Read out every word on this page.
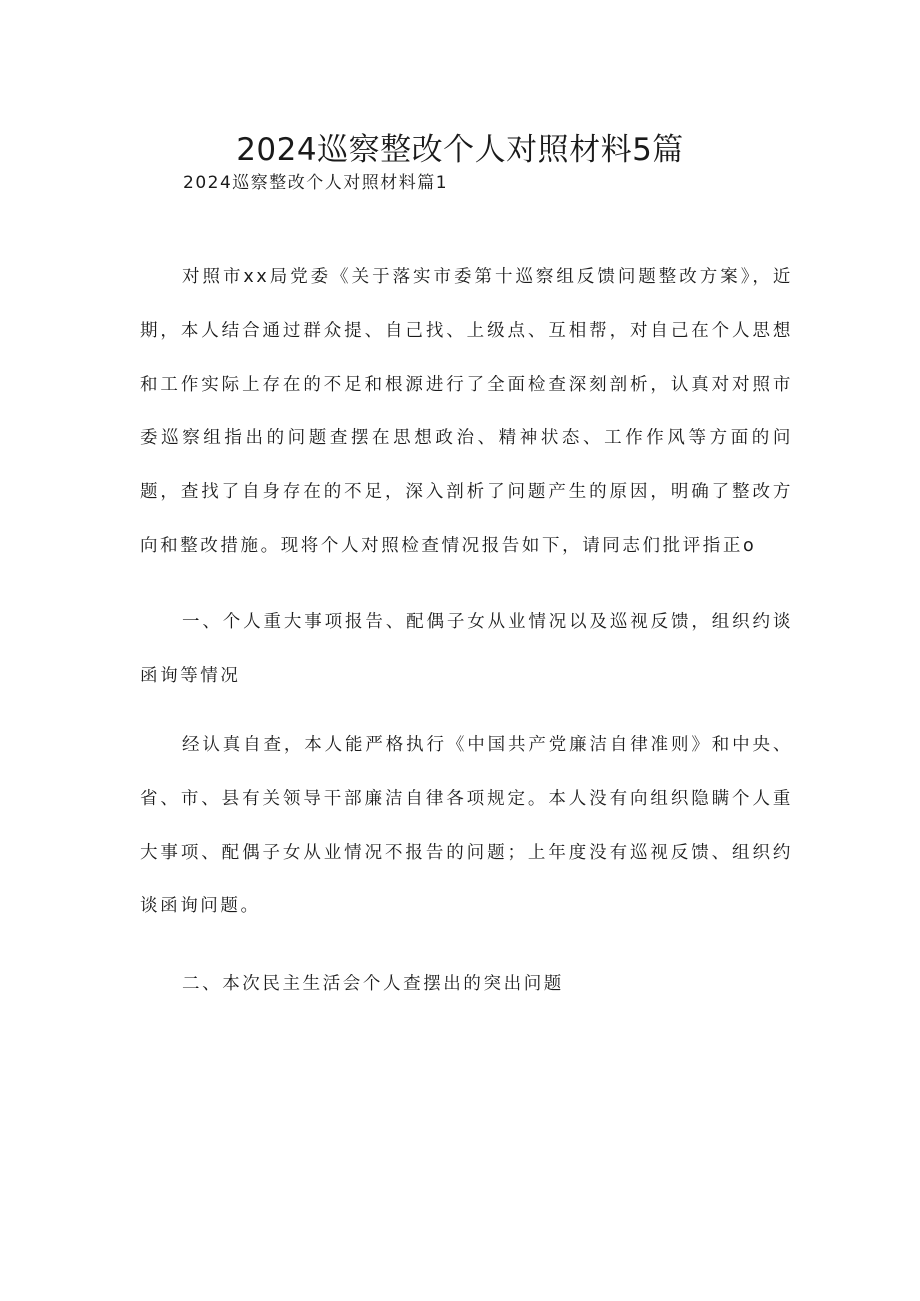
2024巡察整改个人对照材料5篇

2024巡察整改个人对照材料篇1

对照市xx局党委《关于落实市委第十巡察组反馈问题整改方案》，近期，本人结合通过群众提、自己找、上级点、互相帮，对自己在个人思想和工作实际上存在的不足和根源进行了全面检查深刻剖析，认真对对照市委巡察组指出的问题查摆在思想政治、精神状态、工作作风等方面的问题，查找了自身存在的不足，深入剖析了问题产生的原因，明确了整改方向和整改措施。现将个人对照检查情况报告如下，请同志们批评指正o

一、个人重大事项报告、配偶子女从业情况以及巡视反馈，组织约谈函询等情况

经认真自查，本人能严格执行《中国共产党廉洁自律准则》和中央、省、市、县有关领导干部廉洁自律各项规定。本人没有向组织隐瞒个人重大事项、配偶子女从业情况不报告的问题；上年度没有巡视反馈、组织约谈函询问题。

二、本次民主生活会个人查摆出的突出问题
